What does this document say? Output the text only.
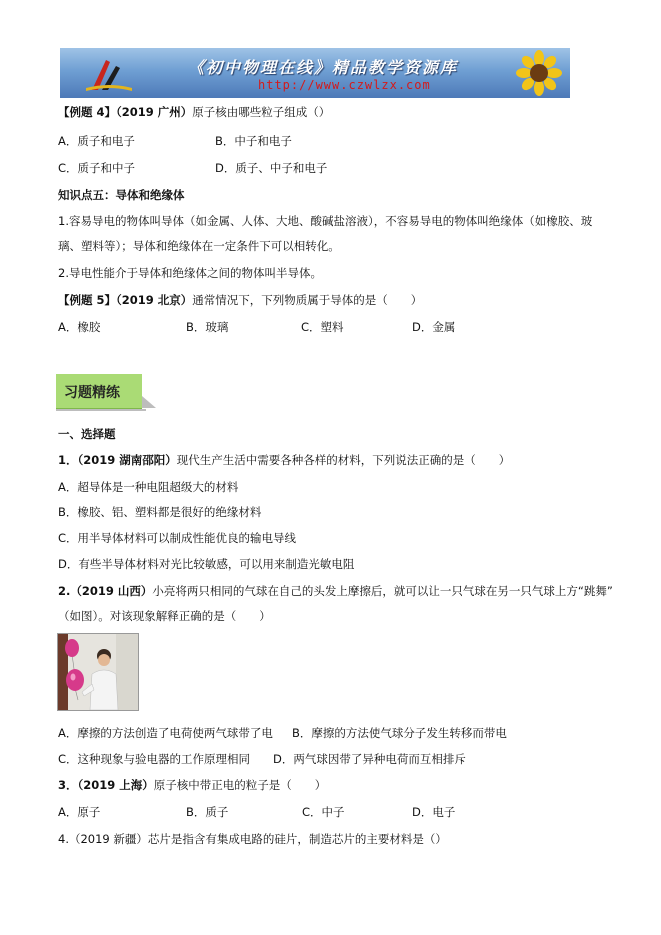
《初中物理在线》精品教学资源库
http://www.czwlzx.com
【例题 4】（2019 广州）原子核由哪些粒子组成（）
A．质子和电子	B．中子和电子
C．质子和中子	D．质子、中子和电子
知识点五：导体和绝缘体
1.容易导电的物体叫导体（如金属、人体、大地、酸碱盐溶液），不容易导电的物体叫绝缘体（如橡胶、玻
璃、塑料等）；导体和绝缘体在一定条件下可以相转化。
2.导电性能介于导体和绝缘体之间的物体叫半导体。
【例题 5】（2019 北京）通常情况下，下列物质属于导体的是（　　）
A．橡胶	B．玻璃	C．塑料	D．金属
习题精练
一、选择题
1．（2019 湖南邵阳）现代生产生活中需要各种各样的材料，下列说法正确的是（　　）
A．超导体是一种电阻超级大的材料
B．橡胶、铝、塑料都是很好的绝缘材料
C．用半导体材料可以制成性能优良的输电导线
D．有些半导体材料对光比较敏感，可以用来制造光敏电阻
2.（2019 山西）小亮将两只相同的气球在自己的头发上摩擦后，就可以让一只气球在另一只气球上方“跳舞”
（如图）。对该现象解释正确的是（　　）
A．摩擦的方法创造了电荷使两气球带了电 B．摩擦的方法使气球分子发生转移而带电
C．这种现象与验电器的工作原理相同 D．两气球因带了异种电荷而互相排斥
3．（2019 上海）原子核中带正电的粒子是（　　）
A．原子	B．质子	C．中子	D．电子
4.（2019 新疆）芯片是指含有集成电路的硅片，制造芯片的主要材料是（）
